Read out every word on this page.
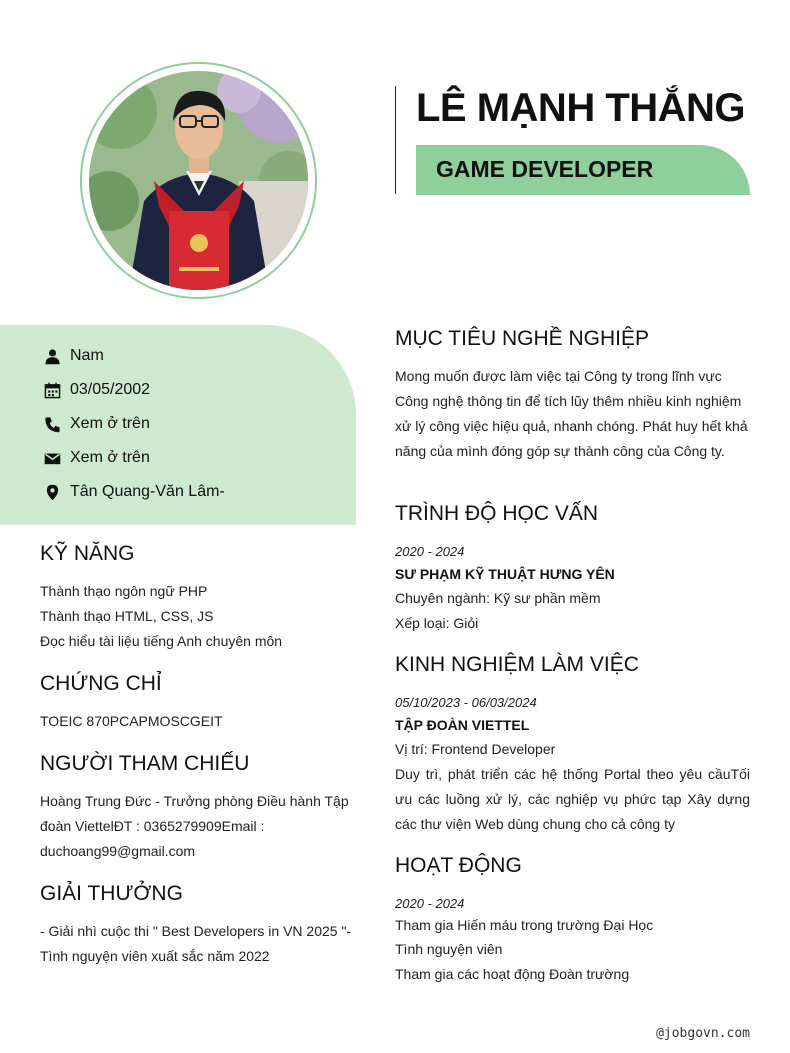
LÊ MẠNH THẮNG
GAME DEVELOPER
Nam
03/05/2002
Xem ở trên
Xem ở trên
Tân Quang-Văn Lâm-
KỸ NĂNG
Thành thạo ngôn ngữ PHP
Thành thạo HTML, CSS, JS
Đọc hiểu tài liệu tiếng Anh chuyên môn
CHỨNG CHỈ
TOEIC 870PCAPMOSCGEIT
NGƯỜI THAM CHIẾU
Hoàng Trung Đức - Trưởng phòng Điều hành Tập
đoàn ViettelĐT : 0365279909Email :
duchoang99@gmail.com
GIẢI THƯỞNG
- Giải nhì cuộc thi " Best Developers in VN 2025 "-
Tình nguyện viên xuất sắc năm 2022
MỤC TIÊU NGHỀ NGHIỆP
Mong muốn được làm việc tại Công ty trong lĩnh vực
Công nghệ thông tin để tích lũy thêm nhiều kinh nghiệm
xử lý công việc hiệu quả, nhanh chóng. Phát huy hết khả
năng của mình đóng góp sự thành công của Công ty.
TRÌNH ĐỘ HỌC VẤN
2020 - 2024
SƯ PHẠM KỸ THUẬT HƯNG YÊN
Chuyên ngành: Kỹ sư phần mềm
Xếp loại: Giỏi
KINH NGHIỆM LÀM VIỆC
05/10/2023 - 06/03/2024
TẬP ĐOÀN VIETTEL
Vị trí: Frontend Developer
Duy trì, phát triển các hệ thống Portal theo yêu cầuTối
ưu các luồng xử lý, các nghiệp vụ phức tạp Xây dựng
các thư viện Web dùng chung cho cả công ty
HOẠT ĐỘNG
2020 - 2024
Tham gia Hiến máu trong trường Đại Học
Tình nguyện viên
Tham gia các hoạt động Đoàn trường
@jobgovn.com
